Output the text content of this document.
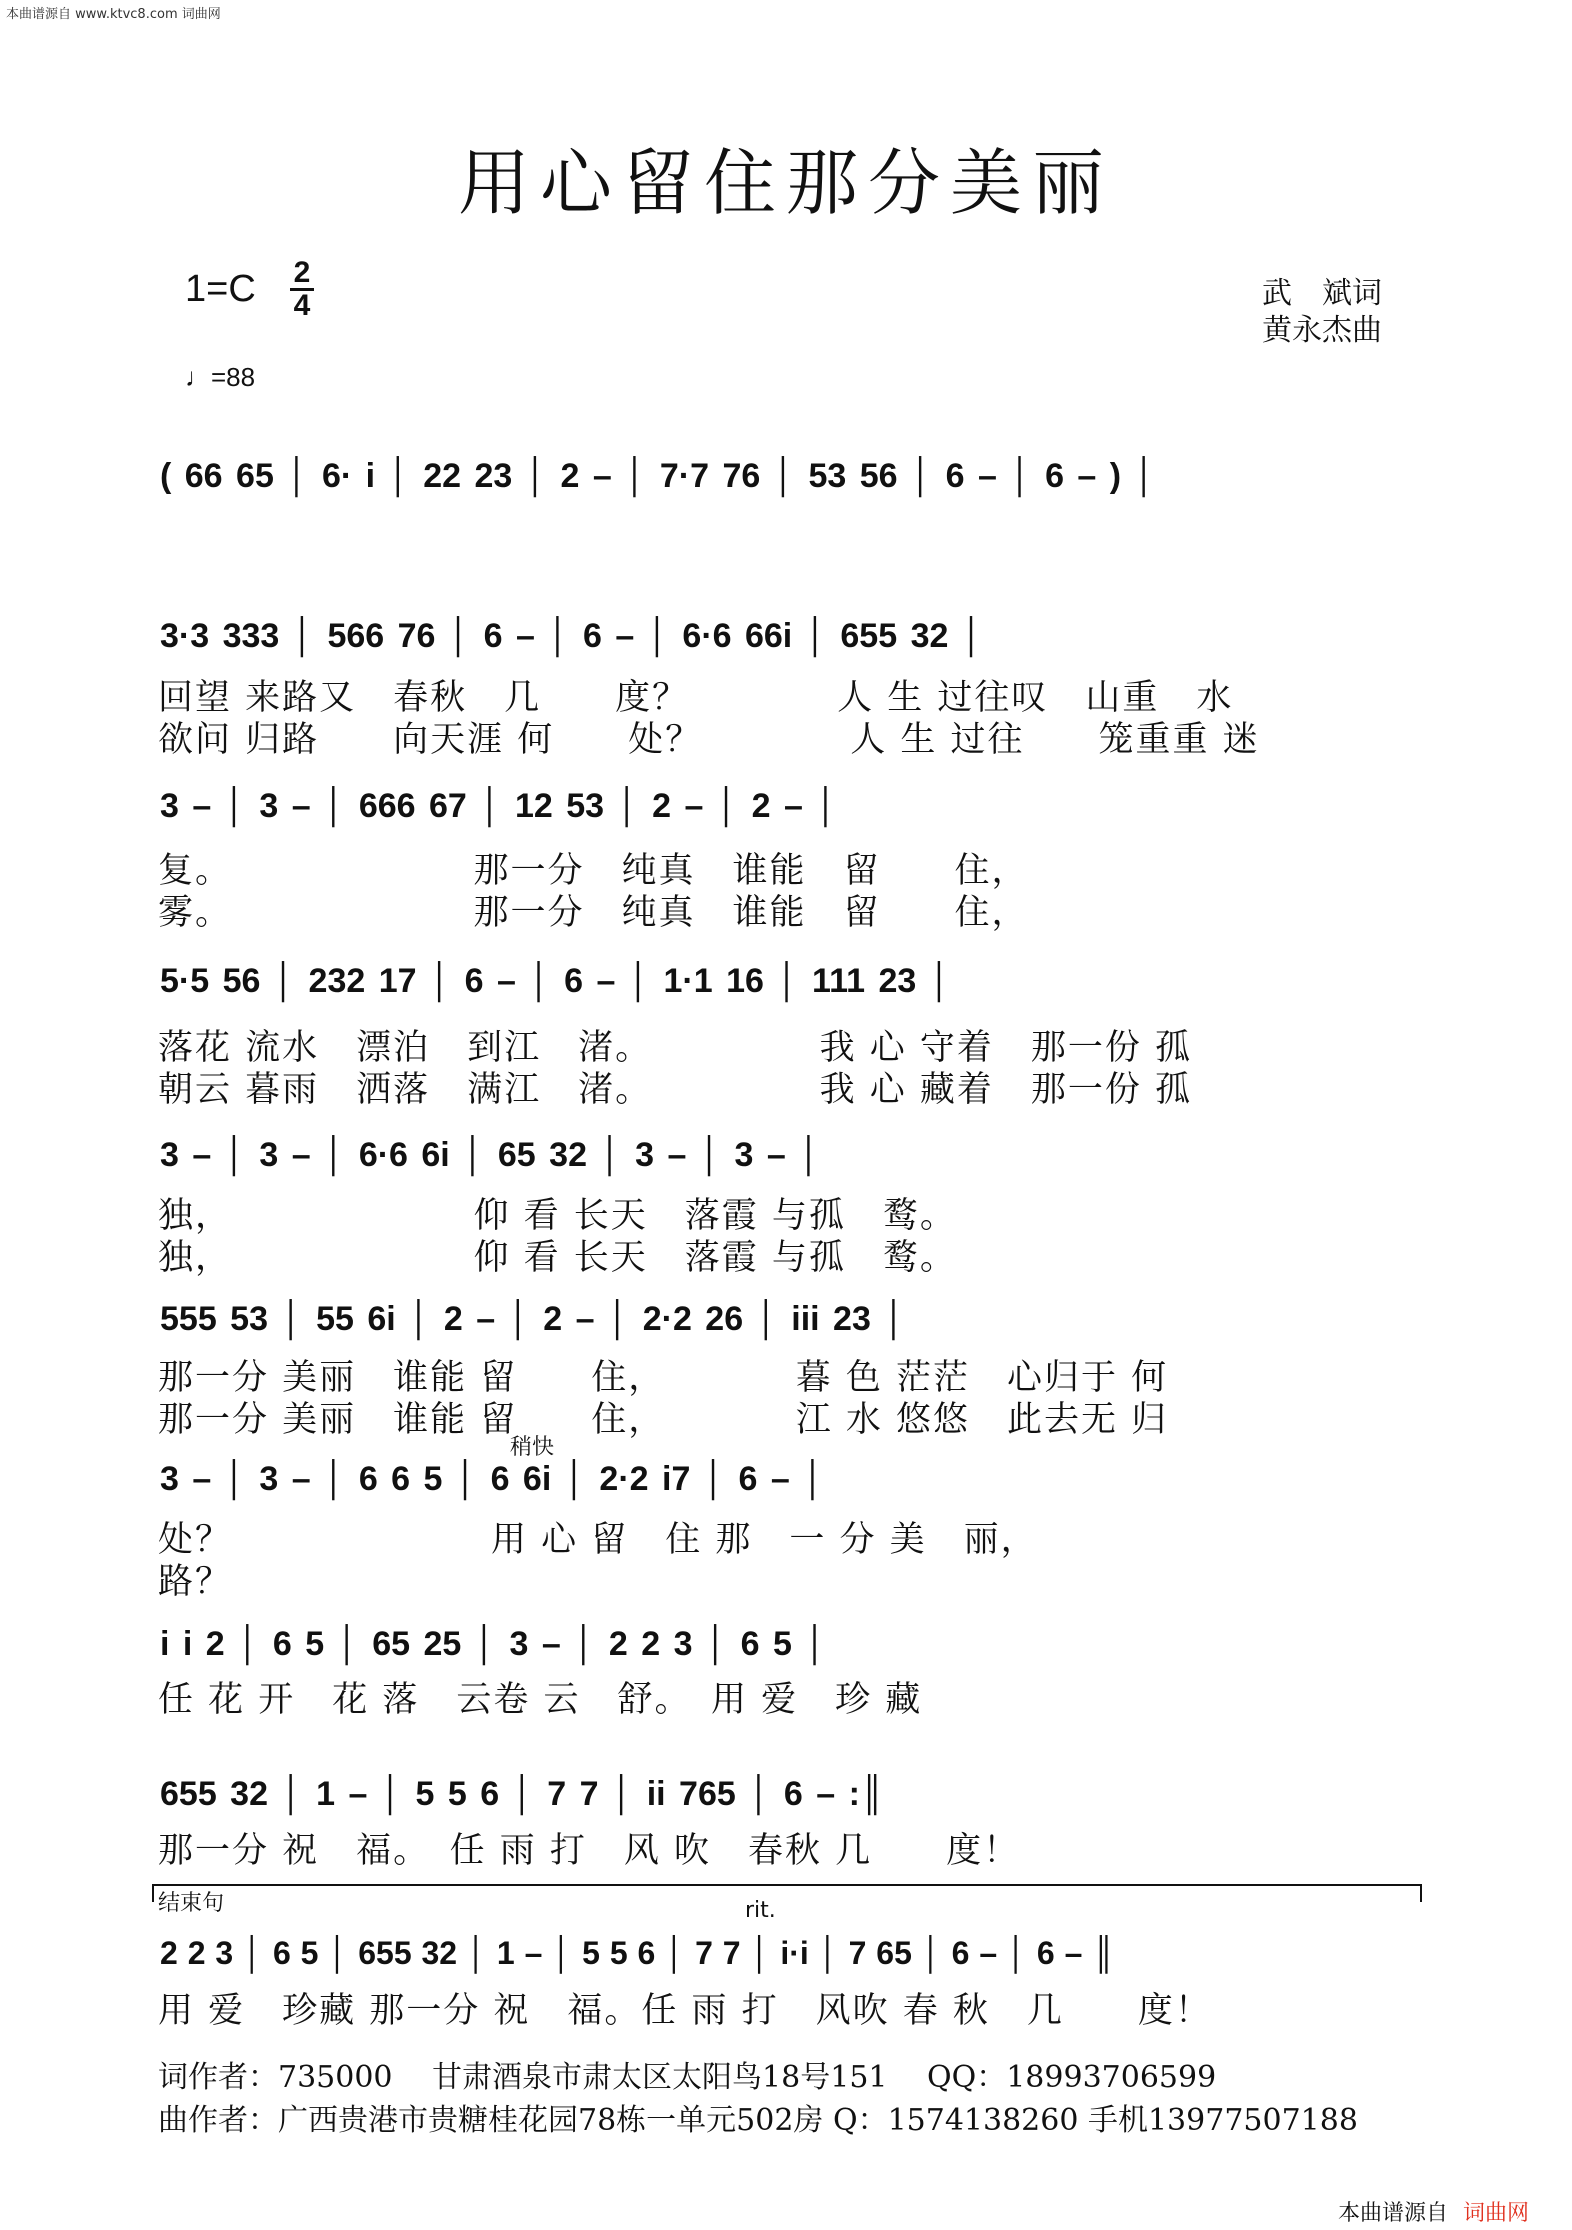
本曲谱源自 www.ktvc8.com 词曲网
用心留住那分美丽
1=C 2
4
♩=88
武　斌词
黄永杰曲
( 66 65 │ 6· i │ 22 23 │ 2 – │ 7·7 76 │ 53 56 │ 6 – │ 6 – ) │
3·3 333 │ 566 76 │ 6 – │ 6 – │ 6·6 66i │ 655 32 │
回望 来路又　春秋　几　　度？　　　　人 生 过往叹　山重　水
欲问 归路　　向天涯 何　　处？　　　　人 生 过往　　笼重重 迷
3 – │ 3 – │ 666 67 │ 12 53 │ 2 – │ 2 – │
复。　　　　　　　那一分　纯真　谁能　留　　住，
雾。　　　　　　　那一分　纯真　谁能　留　　住，
5·5 56 │ 232 17 │ 6 – │ 6 – │ 1·1 16 │ 111 23 │
落花 流水　漂泊　到江　渚。　　　　　我 心 守着　那一份 孤
朝云 暮雨　洒落　满江　渚。　　　　　我 心 藏着　那一份 孤
3 – │ 3 – │ 6·6 6i │ 65 32 │ 3 – │ 3 – │
独，　　　　　　　仰 看 长天　落霞 与孤　鹜。
独，　　　　　　　仰 看 长天　落霞 与孤　鹜。
555 53 │ 55 6i │ 2 – │ 2 – │ 2·2 26 │ iii 23 │
那一分 美丽　谁能 留　　住，　　　　暮 色 茫茫　心归于 何
那一分 美丽　谁能 留　　住，　　　　江 水 悠悠　此去无 归
稍快
3 – │ 3 – │ 6 6 5 │ 6 6i │ 2·2 i7 │ 6 – │
处？　　　　　　　用 心 留　住 那　一 分 美　丽，
路？
i i 2 │ 6 5 │ 65 25 │ 3 – │ 2 2 3 │ 6 5 │
任 花 开　花 落　云卷 云　舒。　用 爱　珍 藏
655 32 │ 1 – │ 5 5 6 │ 7 7 │ ii 765 │ 6 – :║
那一分 祝　福。　任 雨 打　风 吹　春秋 几　　度！
结束句	rit.
2 2 3 │ 6 5 │ 655 32 │ 1 – │ 5 5 6 │ 7 7 │ i·i │ 7 65 │ 6 – │ 6 – ║
用 爱　珍藏 那一分 祝　福。任 雨 打　风吹 春 秋　几　　度！
词作者：735000　 甘肃酒泉市肃太区太阳鸟18号151　 QQ：18993706599
曲作者：广西贵港市贵糖桂花园78栋一单元502房 Q：1574138260 手机13977507188
本曲谱源自 词曲网
